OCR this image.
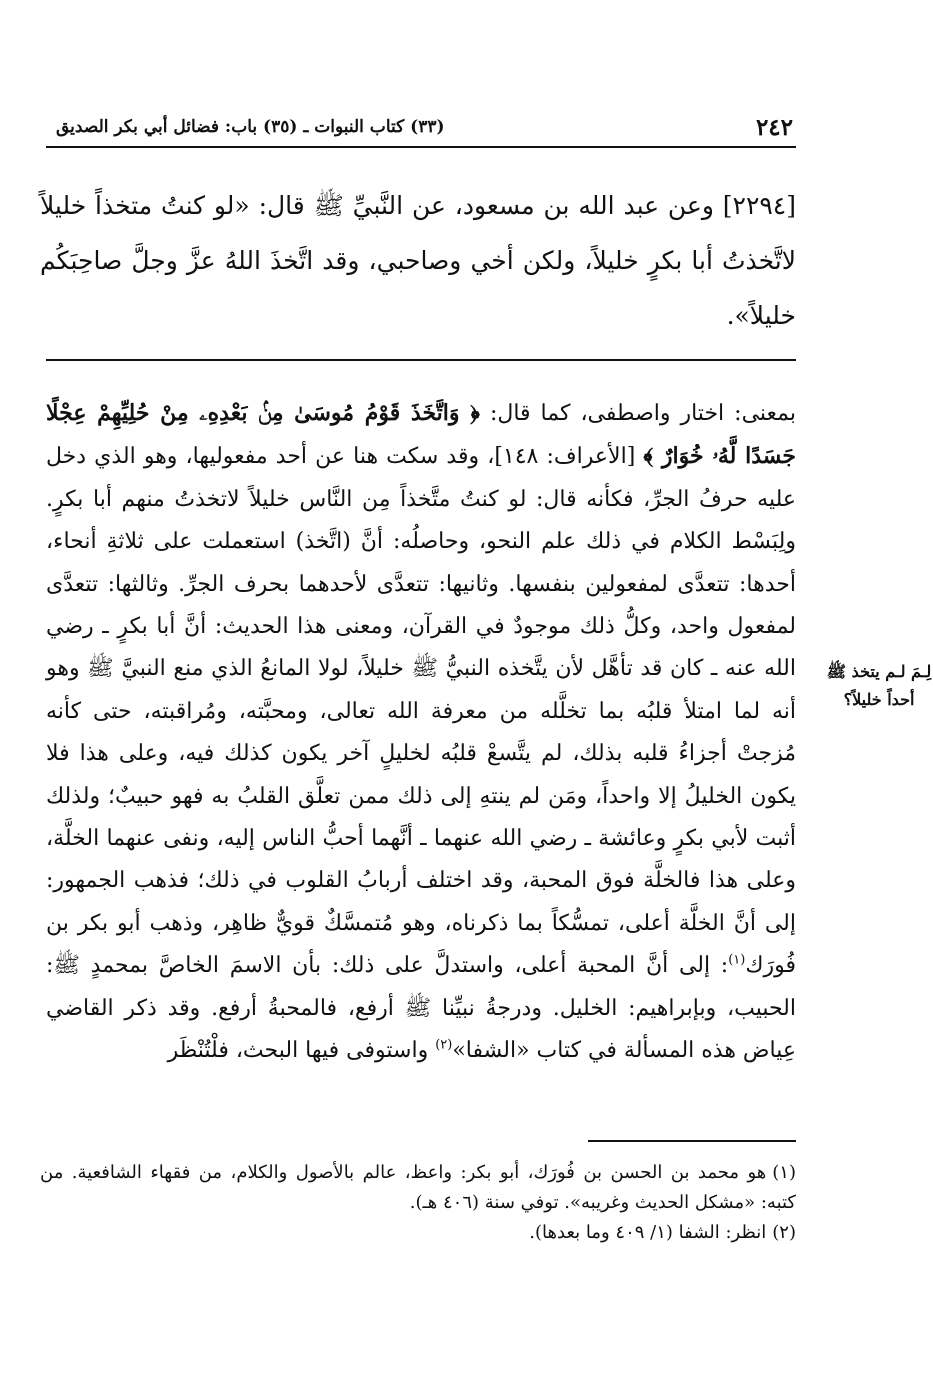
٢٤٢
(٣٣) كتاب النبوات ـ (٣٥) باب: فضائل أبي بكر الصديق

[٢٢٩٤] وعن عبد الله بن مسعود، عن النَّبيِّ ﷺ قال: «لو كنتُ متخذاً خليلاً لاتَّخذتُ أبا بكرٍ خليلاً، ولكن أخي وصاحبي، وقد اتَّخذَ اللهُ عزَّ وجلَّ صاحِبَكُم خليلاً».

بمعنى: اختار واصطفى، كما قال: ﴿ وَاتَّخَذَ قَوْمُ مُوسَىٰ مِنۢ بَعْدِهِۦ مِنْ حُلِيِّهِمْ عِجْلًا جَسَدًا لَّهُۥ خُوَارٌ ﴾ [الأعراف: ١٤٨]، وقد سكت هنا عن أحد مفعوليها، وهو الذي دخل عليه حرفُ الجرِّ، فكأنه قال: لو كنتُ متَّخذاً مِن النَّاس خليلاً لاتخذتُ منهم أبا بكرٍ. ولِبَسْط الكلام في ذلك علم النحو، وحاصلُه: أنَّ (اتَّخذ) استعملت على ثلاثةِ أنحاء، أحدها: تتعدَّى لمفعولين بنفسها. وثانيها: تتعدَّى لأحدهما بحرف الجرِّ. وثالثها: تتعدَّى لمفعول واحد، وكلُّ ذلك موجودٌ في القرآن، ومعنى هذا الحديث: أنَّ أبا بكرٍ ـ رضي الله عنه ـ كان قد تأهَّل لأن يتَّخذه النبيُّ ﷺ خليلاً، لولا المانعُ الذي منع النبيَّ ﷺ وهو أنه لما امتلأ قلبُه بما تخلَّله من معرفة الله تعالى، ومحبَّته، ومُراقبته، حتى كأنه مُزجتْ أجزاءُ قلبه بذلك، لم يتَّسعْ قلبُه لخليلٍ آخر يكون كذلك فيه، وعلى هذا فلا يكون الخليلُ إلا واحداً، ومَن لم ينتهِ إلى ذلك ممن تعلَّق القلبُ به فهو حبيبٌ؛ ولذلك أثبت لأبي بكرٍ وعائشة ـ رضي الله عنهما ـ أنَّهما أحبُّ الناس إليه، ونفى عنهما الخلَّة، وعلى هذا فالخلَّة فوق المحبة، وقد اختلف أربابُ القلوب في ذلك؛ فذهب الجمهور: إلى أنَّ الخلَّة أعلى، تمسُّكاً بما ذكرناه، وهو مُتمسَّكٌ قويٌّ ظاهِر، وذهب أبو بكر بن فُورَك$^{(١)}$: إلى أنَّ المحبة أعلى، واستدلَّ على ذلك: بأن الاسمَ الخاصَّ بمحمدٍ ﷺ: الحبيب، وبإبراهيم: الخليل. ودرجةُ نبيِّنا ﷺ أرفع، فالمحبةُ أرفع. وقد ذكر القاضي عِياض هذه المسألة في كتاب «الشفا»$^{(٢)}$ واستوفى فيها البحث، فلْتُنْظَر

لِـمَ لـم يتخذ ﷺ أحداً خليلاً؟

(١)هو محمد بن الحسن بن فُورَك، أبو بكر: واعظ، عالم بالأصول والكلام، من فقهاء الشافعية. من كتبه: «مشكل الحديث وغريبه». توفي سنة (٤٠٦ هـ).

(٢)انظر: الشفا (١/ ٤٠٩ وما بعدها).
